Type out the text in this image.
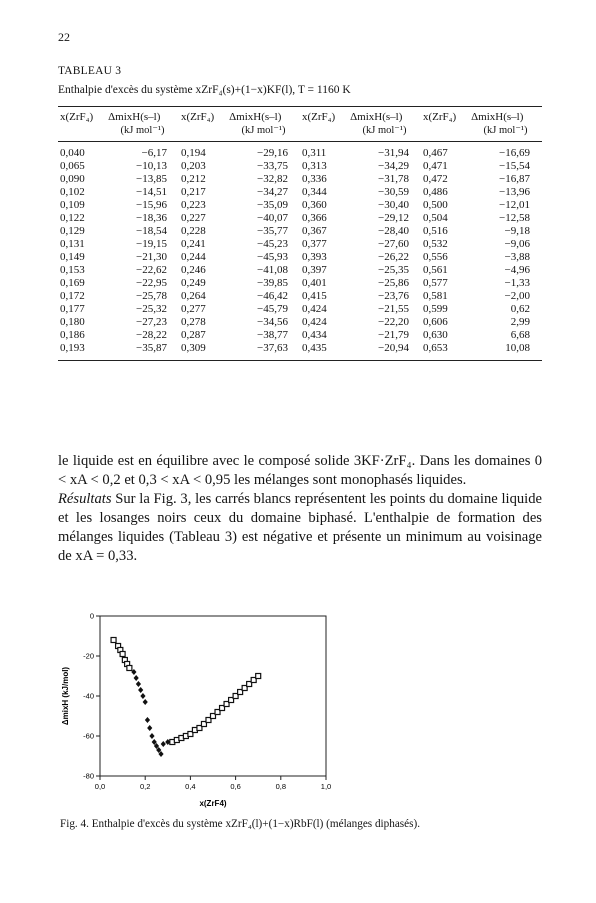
22
TABLEAU 3
Enthalpie d'excès du système xZrF₄(s)+(1−x)KF(l), T = 1160 K
x(ZrF₄)	ΔmixH(s–l)	x(ZrF₄)	ΔmixH(s–l)	x(ZrF₄)	ΔmixH(s–l)	x(ZrF₄)	ΔmixH(s–l)
	(kJ mol⁻¹)		(kJ mol⁻¹)		(kJ mol⁻¹)		(kJ mol⁻¹)
0,040	−6,17	0,194	−29,16	0,311	−31,94	0,467	−16,69
0,065	−10,13	0,203	−33,75	0,313	−34,29	0,471	−15,54
0,090	−13,85	0,212	−32,82	0,336	−31,78	0,472	−16,87
0,102	−14,51	0,217	−34,27	0,344	−30,59	0,486	−13,96
0,109	−15,96	0,223	−35,09	0,360	−30,40	0,500	−12,01
0,122	−18,36	0,227	−40,07	0,366	−29,12	0,504	−12,58
0,129	−18,54	0,228	−35,77	0,367	−28,40	0,516	−9,18
0,131	−19,15	0,241	−45,23	0,377	−27,60	0,532	−9,06
0,149	−21,30	0,244	−45,93	0,393	−26,22	0,556	−3,88
0,153	−22,62	0,246	−41,08	0,397	−25,35	0,561	−4,96
0,169	−22,95	0,249	−39,85	0,401	−25,86	0,577	−1,33
0,172	−25,78	0,264	−46,42	0,415	−23,76	0,581	−2,00
0,177	−25,32	0,277	−45,79	0,424	−21,55	0,599	0,62
0,180	−27,23	0,278	−34,56	0,424	−22,20	0,606	2,99
0,186	−28,22	0,287	−38,77	0,434	−21,79	0,630	6,68
0,193	−35,87	0,309	−37,63	0,435	−20,94	0,653	10,08

le liquide est en équilibre avec le composé solide 3KF·ZrF₄. Dans les domaines 0 < xA < 0,2 et 0,3 < xA < 0,95 les mélanges sont monophasés liquides.

Résultats Sur la Fig. 3, les carrés blancs représentent les points du domaine liquide et les losanges noirs ceux du domaine biphasé. L'enthalpie de formation des mélanges liquides (Tableau 3) est négative et présente un minimum au voisinage de xA = 0,33.

0,0	0,2	0,4	0,6	0,8	1,0
0
-20
-40
-60
-80
x(ZrF4)
ΔmixH (kJ/mol)
Fig. 4. Enthalpie d'excès du système xZrF₄(l)+(1−x)RbF(l) (mélanges diphasés).
